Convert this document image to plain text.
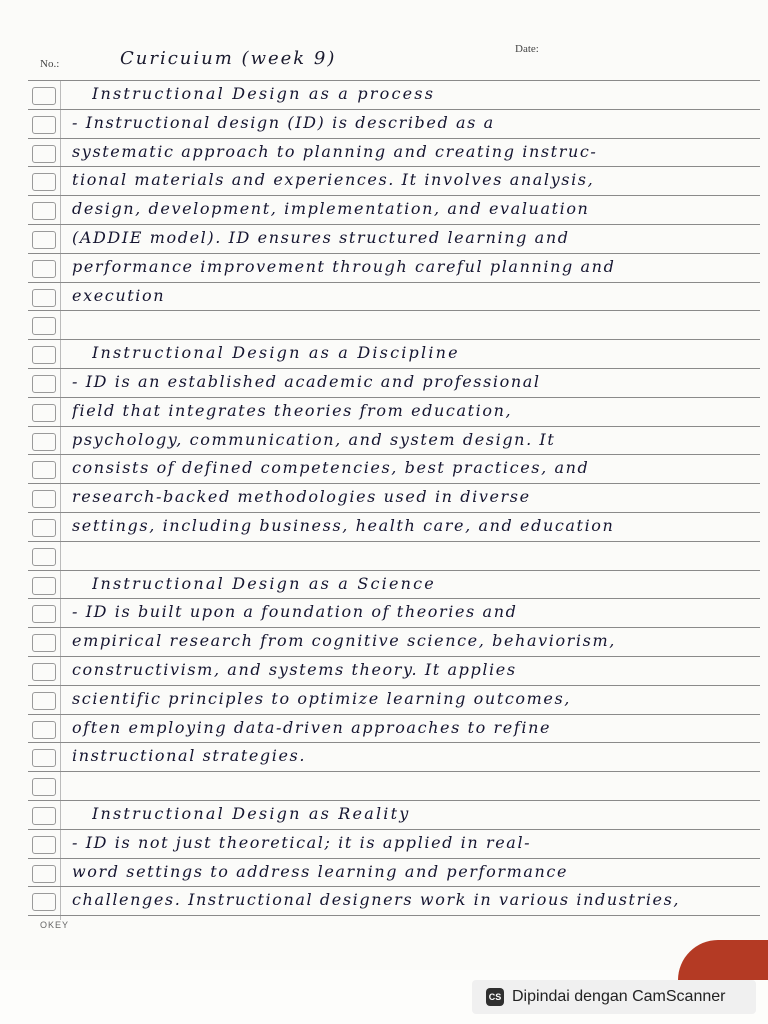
No.:	Curicuium (week 9)	Date:
Instructional Design as a process
- Instructional design (ID) is described as a
systematic approach to planning and creating instruc-
tional materials and experiences. It involves analysis,
design, development, implementation, and evaluation
(ADDIE model). ID ensures structured learning and
performance improvement through careful planning and
execution
Instructional Design as a Discipline
- ID is an established academic and professional
field that integrates theories from education,
psychology, communication, and system design. It
consists of defined competencies, best practices, and
research-backed methodologies used in diverse
settings, including business, health care, and education
Instructional Design as a Science
- ID is built upon a foundation of theories and
empirical research from cognitive science, behaviorism,
constructivism, and systems theory. It applies
scientific principles to optimize learning outcomes,
often employing data-driven approaches to refine
instructional strategies.
Instructional Design as Reality
- ID is not just theoretical; it is applied in real-
word settings to address learning and performance
challenges. Instructional designers work in various industries,
OKEY
CS Dipindai dengan CamScanner
